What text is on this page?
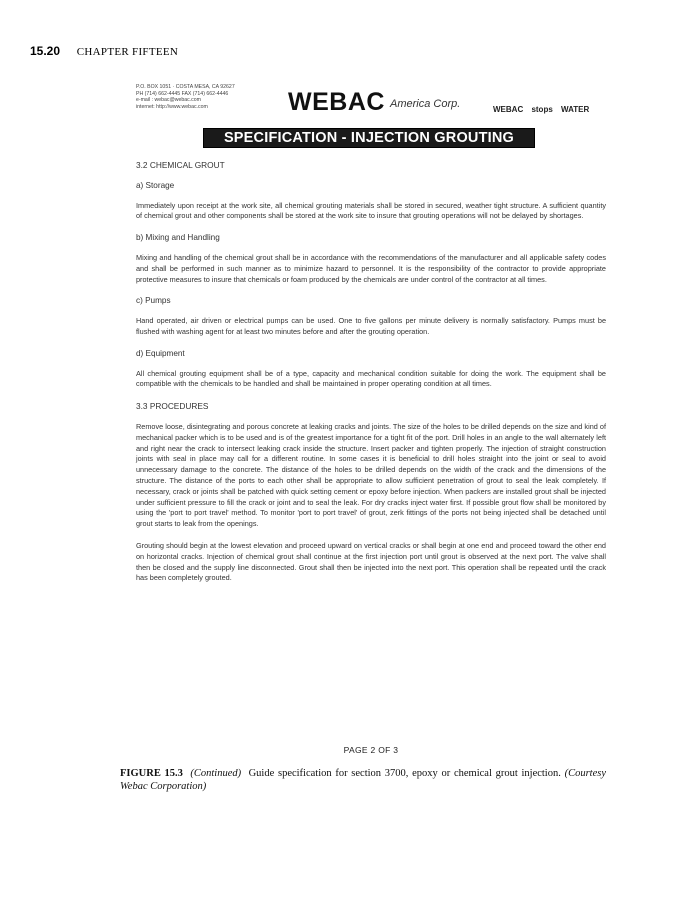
15.20 CHAPTER FIFTEEN
P.O. BOX 1051 · COSTA MESA, CA 92627
PH (714) 662-4445 FAX (714) 662-4446
e-mail : webac@webac.com
internet: http://www.webac.com	WEBAC America Corp.	WEBAC stops WATER
SPECIFICATION - INJECTION GROUTING
3.2 CHEMICAL GROUT
a) Storage
Immediately upon receipt at the work site, all chemical grouting materials shall be stored in secured, weather tight structure. A sufficient quantity of chemical grout and other components shall be stored at the work site to insure that grouting operations will not be delayed by shortages.
b) Mixing and Handling
Mixing and handling of the chemical grout shall be in accordance with the recommendations of the manufacturer and all applicable safety codes and shall be performed in such manner as to minimize hazard to personnel. It is the responsibility of the contractor to provide appropriate protective measures to insure that chemicals or foam produced by the chemicals are under control of the contractor at all times.
c) Pumps
Hand operated, air driven or electrical pumps can be used. One to five gallons per minute delivery is normally satisfactory. Pumps must be flushed with washing agent for at least two minutes before and after the grouting operation.
d) Equipment
All chemical grouting equipment shall be of a type, capacity and mechanical condition suitable for doing the work. The equipment shall be compatible with the chemicals to be handled and shall be maintained in proper operating condition at all times.
3.3 PROCEDURES
Remove loose, disintegrating and porous concrete at leaking cracks and joints. The size of the holes to be drilled depends on the size and kind of mechanical packer which is to be used and is of the greatest importance for a tight fit of the port. Drill holes in an angle to the wall alternately left and right near the crack to intersect leaking crack inside the structure. Insert packer and tighten properly. The injection of straight construction joints with seal in place may call for a different routine. In some cases it is beneficial to drill holes straight into the joint or seal to avoid unnecessary damage to the concrete. The distance of the holes to be drilled depends on the width of the crack and the dimensions of the structure. The distance of the ports to each other shall be appropriate to allow sufficient penetration of grout to seal the leak completely. If necessary, crack or joints shall be patched with quick setting cement or epoxy before injection. When packers are installed grout shall be injected under sufficient pressure to fill the crack or joint and to seal the leak. For dry cracks inject water first. If possible grout flow shall be monitored by using the 'port to port travel' method. To monitor 'port to port travel' of grout, zerk fittings of the ports not being injected shall be detached until grout starts to leak from the openings.
Grouting should begin at the lowest elevation and proceed upward on vertical cracks or shall begin at one end and proceed toward the other end on horizontal cracks. Injection of chemical grout shall continue at the first injection port until grout is observed at the next port. The valve shall then be closed and the supply line disconnected. Grout shall then be injected into the next port. This operation shall be repeated until the crack has been completely grouted.
PAGE 2 OF 3
FIGURE 15.3 (Continued) Guide specification for section 3700, epoxy or chemical grout injection. (Courtesy Webac Corporation)
